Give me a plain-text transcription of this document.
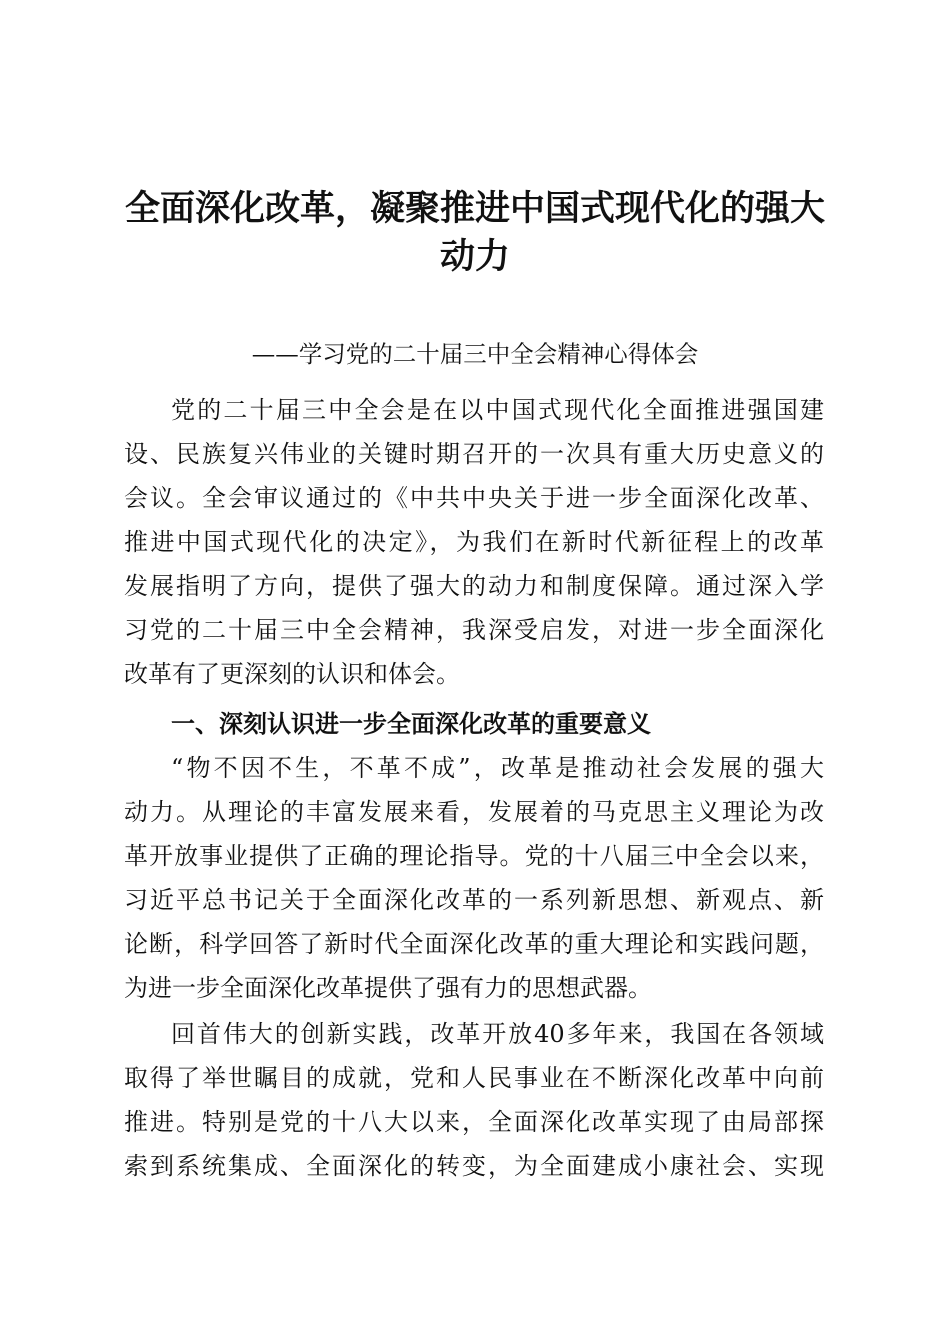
全面深化改革，凝聚推进中国式现代化的强大
动力

——学习党的二十届三中全会精神心得体会

党的二十届三中全会是在以中国式现代化全面推进强国建

设、民族复兴伟业的关键时期召开的一次具有重大历史意义的

会议。全会审议通过的《中共中央关于进一步全面深化改革、

推进中国式现代化的决定》，为我们在新时代新征程上的改革

发展指明了方向，提供了强大的动力和制度保障。通过深入学

习党的二十届三中全会精神，我深受启发，对进一步全面深化

改革有了更深刻的认识和体会。

一、深刻认识进一步全面深化改革的重要意义

“物不因不生，不革不成”，改革是推动社会发展的强大

动力。从理论的丰富发展来看，发展着的马克思主义理论为改

革开放事业提供了正确的理论指导。党的十八届三中全会以来，

习近平总书记关于全面深化改革的一系列新思想、新观点、新

论断，科学回答了新时代全面深化改革的重大理论和实践问题，

为进一步全面深化改革提供了强有力的思想武器。

回首伟大的创新实践，改革开放40多年来，我国在各领域

取得了举世瞩目的成就，党和人民事业在不断深化改革中向前

推进。特别是党的十八大以来，全面深化改革实现了由局部探

索到系统集成、全面深化的转变，为全面建成小康社会、实现
